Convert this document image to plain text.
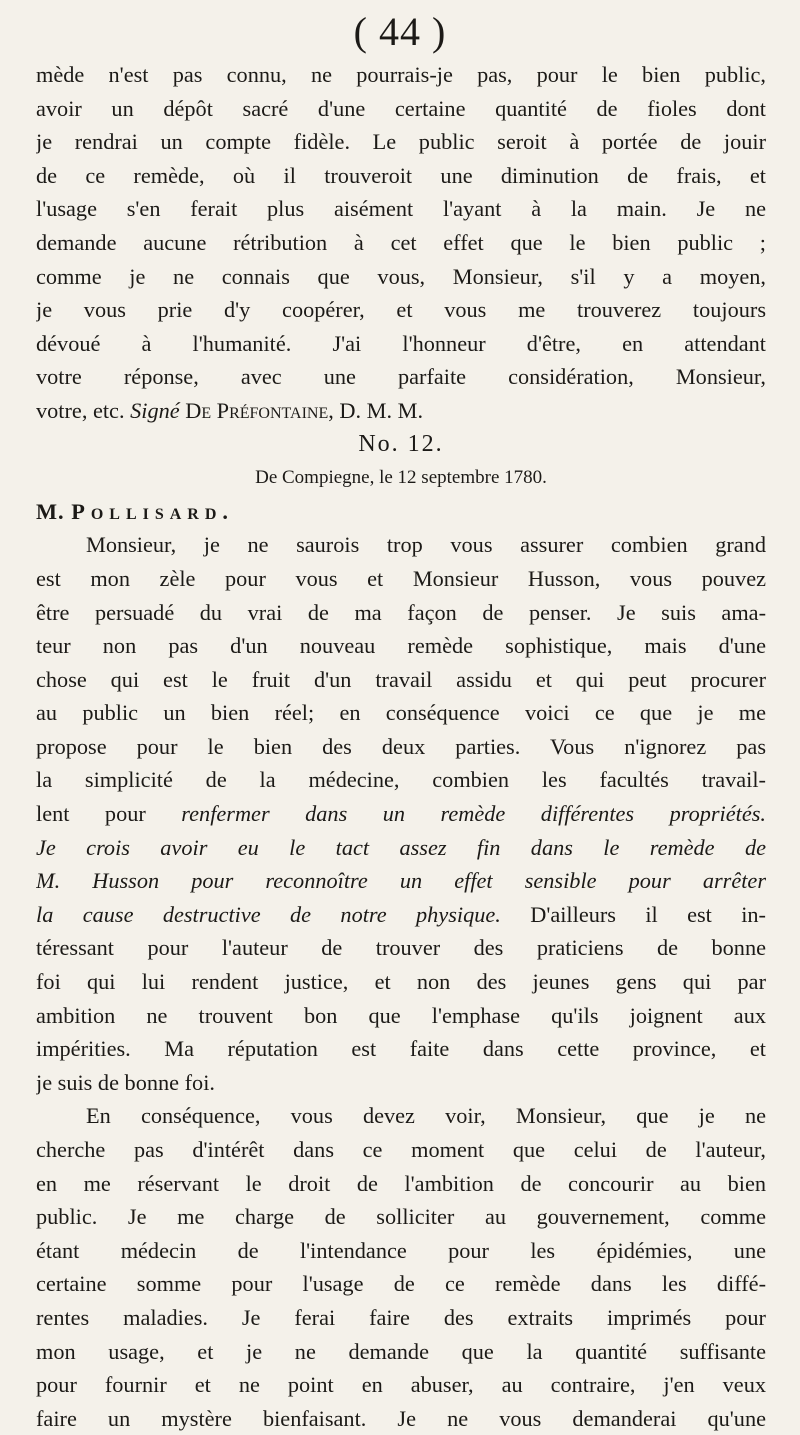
( 44 )
mède n'est pas connu, ne pourrais-je pas, pour le bien public,
avoir un dépôt sacré d'une certaine quantité de fioles dont
je rendrai un compte fidèle. Le public seroit à portée de jouir
de ce remède, où il trouveroit une diminution de frais, et
l'usage s'en ferait plus aisément l'ayant à la main. Je ne
demande aucune rétribution à cet effet que le bien public ;
comme je ne connais que vous, Monsieur, s'il y a moyen,
je vous prie d'y coopérer, et vous me trouverez toujours
dévoué à l'humanité. J'ai l'honneur d'être, en attendant
votre réponse, avec une parfaite considération, Monsieur,
votre, etc. Signé De Préfontaine, D. M. M.
No. 12.
De Compiegne, le 12 septembre 1780.
M. Pollisard.
Monsieur, je ne saurois trop vous assurer combien grand
est mon zèle pour vous et Monsieur Husson, vous pouvez
être persuadé du vrai de ma façon de penser. Je suis ama-
teur non pas d'un nouveau remède sophistique, mais d'une
chose qui est le fruit d'un travail assidu et qui peut procurer
au public un bien réel; en conséquence voici ce que je me
propose pour le bien des deux parties. Vous n'ignorez pas
la simplicité de la médecine, combien les facultés travail-
lent pour renfermer dans un remède différentes propriétés.
Je crois avoir eu le tact assez fin dans le remède de
M. Husson pour reconnoître un effet sensible pour arrêter
la cause destructive de notre physique. D'ailleurs il est in-
téressant pour l'auteur de trouver des praticiens de bonne
foi qui lui rendent justice, et non des jeunes gens qui par
ambition ne trouvent bon que l'emphase qu'ils joignent aux
impérities. Ma réputation est faite dans cette province, et
je suis de bonne foi.
En conséquence, vous devez voir, Monsieur, que je ne
cherche pas d'intérêt dans ce moment que celui de l'auteur,
en me réservant le droit de l'ambition de concourir au bien
public. Je me charge de solliciter au gouvernement, comme
étant médecin de l'intendance pour les épidémies, une
certaine somme pour l'usage de ce remède dans les diffé-
rentes maladies. Je ferai faire des extraits imprimés pour
mon usage, et je ne demande que la quantité suffisante
pour fournir et ne point en abuser, au contraire, j'en veux
faire un mystère bienfaisant. Je ne vous demanderai qu'une
